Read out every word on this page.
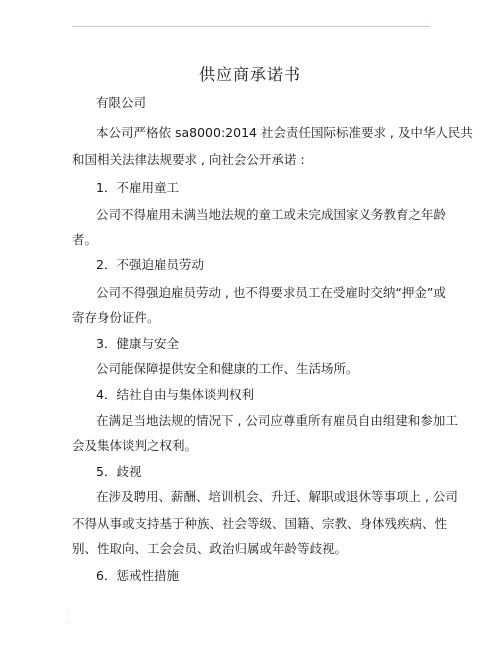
.
供应商承诺书
有限公司
本公司严格依 sa8000:2014 社会责任国际标准要求 , 及中华人民共
和国相关法律法规要求 , 向社会公开承诺 :
1．不雇用童工
公司不得雇用未满当地法规的童工或未完成国家义务教育之年龄
者。
2．不强迫雇员劳动
公司不得强迫雇员劳动 , 也不得要求员工在受雇时交纳“押金”或
寄存身份证件。
3．健康与安全
公司能保障提供安全和健康的工作、生活场所。
4．结社自由与集体谈判权利
在满足当地法规的情况下 , 公司应尊重所有雇员自由组建和参加工
会及集体谈判之权利。
5．歧视
在涉及聘用、薪酬、培训机会、升迁、解职或退休等事项上 , 公司
不得从事或支持基于种族、社会等级、国籍、宗教、身体残疾病、性
别、性取向、工会会员、政治归属或年龄等歧视。
6．惩戒性措施
.
.
